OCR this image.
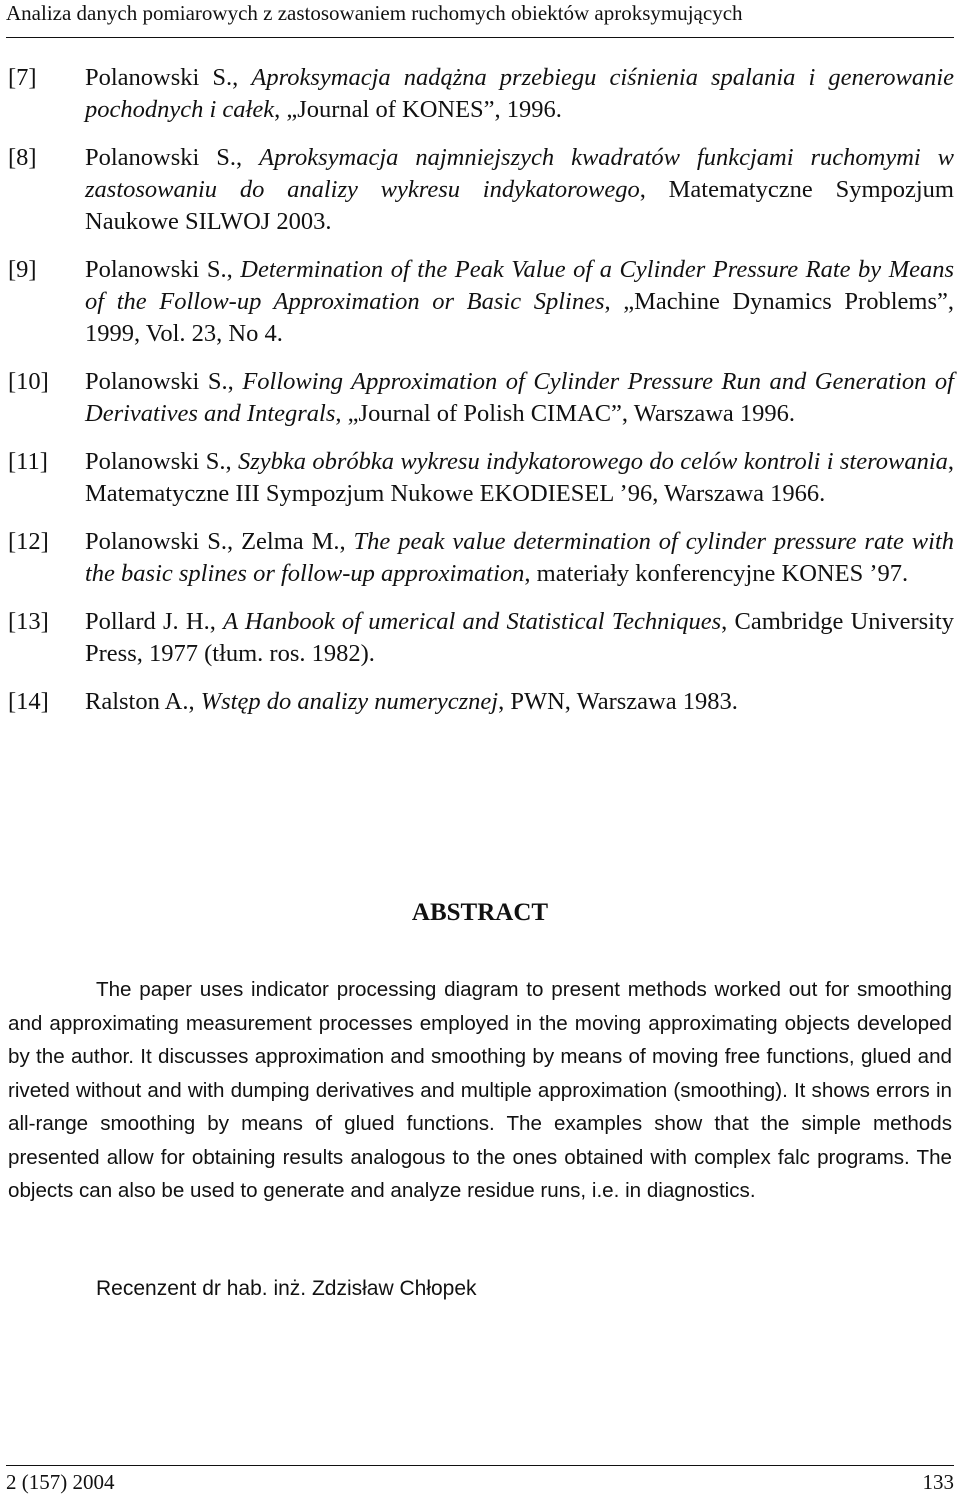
Analiza danych pomiarowych z zastosowaniem ruchomych obiektów aproksymujących
[7]	Polanowski S., Aproksymacja nadążna przebiegu ciśnienia spalania i generowanie pochodnych i całek, „Journal of KONES”, 1996.
[8]	Polanowski S., Aproksymacja najmniejszych kwadratów funkcjami ruchomymi w zastosowaniu do analizy wykresu indykatorowego, Matematyczne Sympozjum Naukowe SILWOJ 2003.
[9]	Polanowski S., Determination of the Peak Value of a Cylinder Pressure Rate by Means of the Follow-up Approximation or Basic Splines, „Machine Dynamics Problems”, 1999, Vol. 23, No 4.
[10]	Polanowski S., Following Approximation of Cylinder Pressure Run and Generation of Derivatives and Integrals, „Journal of Polish CIMAC”, Warszawa 1996.
[11]	Polanowski S., Szybka obróbka wykresu indykatorowego do celów kontroli i sterowania, Matematyczne III Sympozjum Nukowe EKODIESEL ’96, Warszawa 1966.
[12]	Polanowski S., Zelma M., The peak value determination of cylinder pressure rate with the basic splines or follow-up approximation, materiały konferencyjne KONES ’97.
[13]	Pollard J. H., A Hanbook of umerical and Statistical Techniques, Cambridge University Press, 1977 (tłum. ros. 1982).
[14]	Ralston A., Wstęp do analizy numerycznej, PWN, Warszawa 1983.
ABSTRACT

The paper uses indicator processing diagram to present methods worked out for smoothing and approximating measurement processes employed in the moving approximating objects developed by the author. It discusses approximation and smoothing by means of moving free functions, glued and riveted without and with dumping derivatives and multiple approximation (smoothing). It shows errors in all-range smoothing by means of glued functions. The examples show that the simple methods presented allow for obtaining results analogous to the ones obtained with complex falc programs. The objects can also be used to generate and analyze residue runs, i.e. in diagnostics.

Recenzent dr hab. inż. Zdzisław Chłopek
2 (157) 2004	133
